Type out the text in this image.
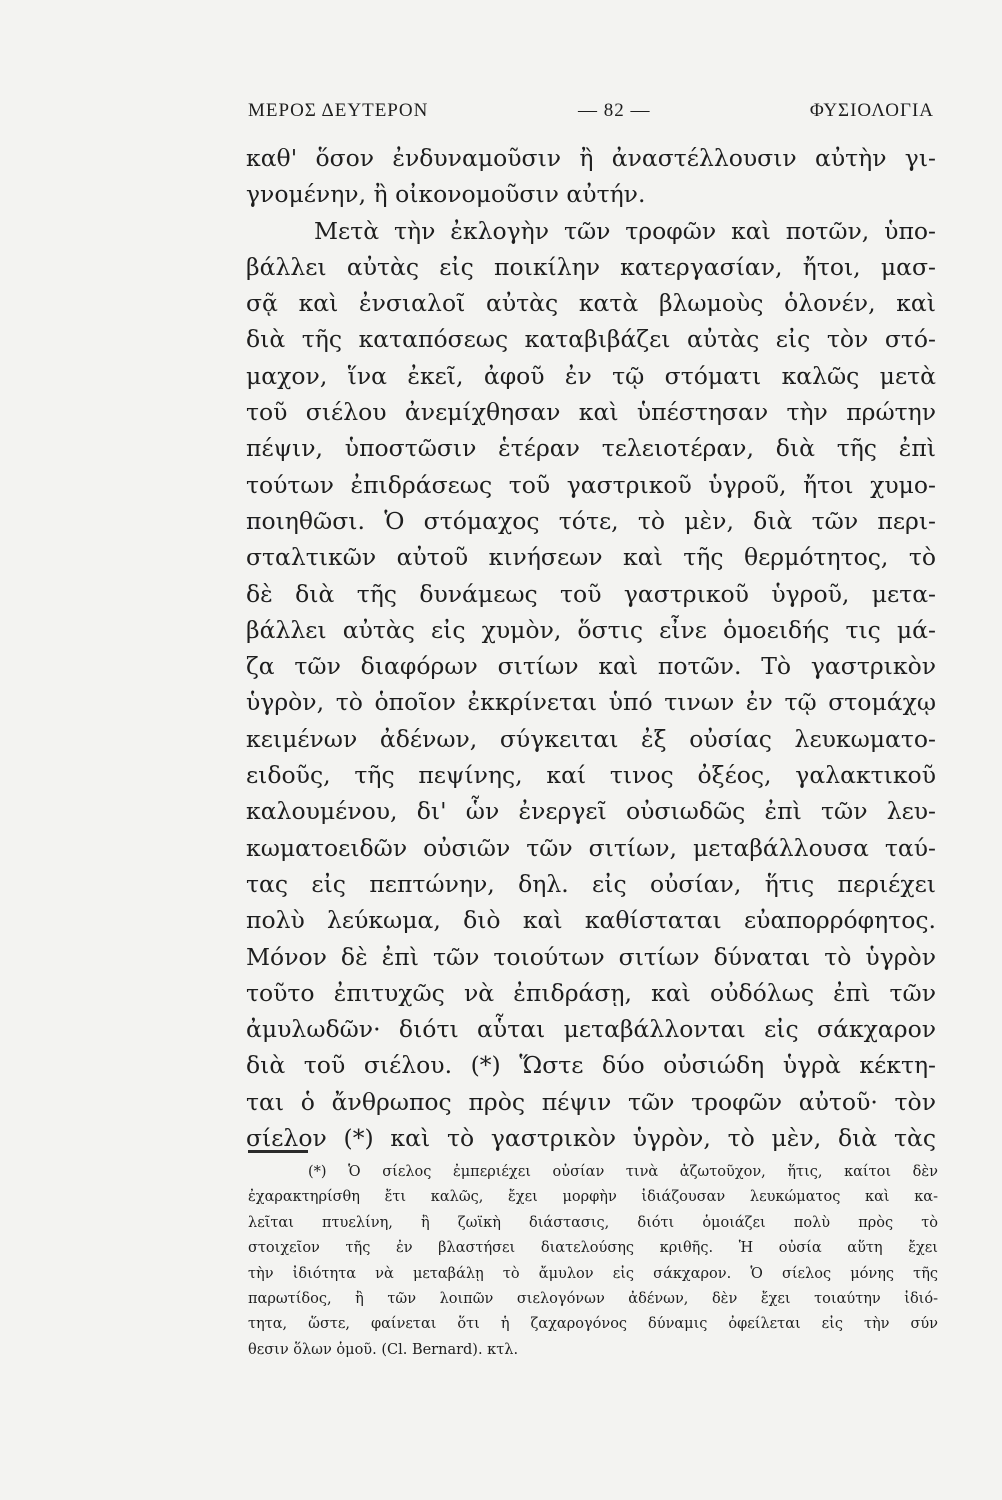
ΜΕΡΟΣ ΔΕΥΤΕΡΟΝ	— 82 —	ΦΥΣΙΟΛΟΓΙΑ
καθ' ὅσον ἐνδυναμοῦσιν ἢ ἀναστέλλουσιν αὐτὴν γι-
γνομένην, ἢ οἰκονομοῦσιν αὐτήν.
Μετὰ τὴν ἐκλογὴν τῶν τροφῶν καὶ ποτῶν, ὑπο-
βάλλει αὐτὰς εἰς ποικίλην κατεργασίαν, ἤτοι, μασ-
σᾷ καὶ ἐνσιαλοῖ αὐτὰς κατὰ βλωμοὺς ὁλονέν, καὶ
διὰ τῆς καταπόσεως καταβιβάζει αὐτὰς εἰς τὸν στό-
μαχον, ἵνα ἐκεῖ, ἀφοῦ ἐν τῷ στόματι καλῶς μετὰ
τοῦ σιέλου ἀνεμίχθησαν καὶ ὑπέστησαν τὴν πρώτην
πέψιν, ὑποστῶσιν ἑτέραν τελειοτέραν, διὰ τῆς ἐπὶ
τούτων ἐπιδράσεως τοῦ γαστρικοῦ ὑγροῦ, ἤτοι χυμο-
ποιηθῶσι. Ὁ στόμαχος τότε, τὸ μὲν, διὰ τῶν περι-
σταλτικῶν αὐτοῦ κινήσεων καὶ τῆς θερμότητος, τὸ
δὲ διὰ τῆς δυνάμεως τοῦ γαστρικοῦ ὑγροῦ, μετα-
βάλλει αὐτὰς εἰς χυμὸν, ὅστις εἶνε ὁμοειδής τις μά-
ζα τῶν διαφόρων σιτίων καὶ ποτῶν. Τὸ γαστρικὸν
ὑγρὸν, τὸ ὁποῖον ἐκκρίνεται ὑπό τινων ἐν τῷ στομάχῳ
κειμένων ἀδένων, σύγκειται ἐξ οὐσίας λευκωματο-
ειδοῦς, τῆς πεψίνης, καί τινος ὀξέος, γαλακτικοῦ
καλουμένου, δι' ὧν ἐνεργεῖ οὐσιωδῶς ἐπὶ τῶν λευ-
κωματοειδῶν οὐσιῶν τῶν σιτίων, μεταβάλλουσα ταύ-
τας εἰς πεπτώνην, δηλ. εἰς οὐσίαν, ἥτις περιέχει
πολὺ λεύκωμα, διὸ καὶ καθίσταται εὐαπορρόφητος.
Μόνον δὲ ἐπὶ τῶν τοιούτων σιτίων δύναται τὸ ὑγρὸν
τοῦτο ἐπιτυχῶς νὰ ἐπιδράσῃ, καὶ οὐδόλως ἐπὶ τῶν
ἀμυλωδῶν· διότι αὗται μεταβάλλονται εἰς σάκχαρον
διὰ τοῦ σιέλου. (*) Ὥστε δύο οὐσιώδη ὑγρὰ κέκτη-
ται ὁ ἄνθρωπος πρὸς πέψιν τῶν τροφῶν αὐτοῦ· τὸν
σίελον (*) καὶ τὸ γαστρικὸν ὑγρὸν, τὸ μὲν, διὰ τὰς
(*) Ὁ σίελος ἐμπεριέχει οὐσίαν τινὰ ἀζωτοῦχον, ἥτις, καίτοι δὲν
ἐχαρακτηρίσθη ἔτι καλῶς, ἔχει μορφὴν ἰδιάζουσαν λευκώματος καὶ κα-
λεῖται πτυελίνη, ἢ ζωϊκὴ διάστασις, διότι ὁμοιάζει πολὺ πρὸς τὸ
στοιχεῖον τῆς ἐν βλαστήσει διατελούσης κριθῆς. Ἡ οὐσία αὕτη ἔχει
τὴν ἰδιότητα νὰ μεταβάλῃ τὸ ἄμυλον εἰς σάκχαρον. Ὁ σίελος μόνης τῆς
παρωτίδος, ἢ τῶν λοιπῶν σιελογόνων ἀδένων, δὲν ἔχει τοιαύτην ἰδιό-
τητα, ὥστε, φαίνεται ὅτι ἡ ζαχαρογόνος δύναμις ὀφείλεται εἰς τὴν σύν
θεσιν ὅλων ὁμοῦ. (Cl. Bernard). κτλ.
